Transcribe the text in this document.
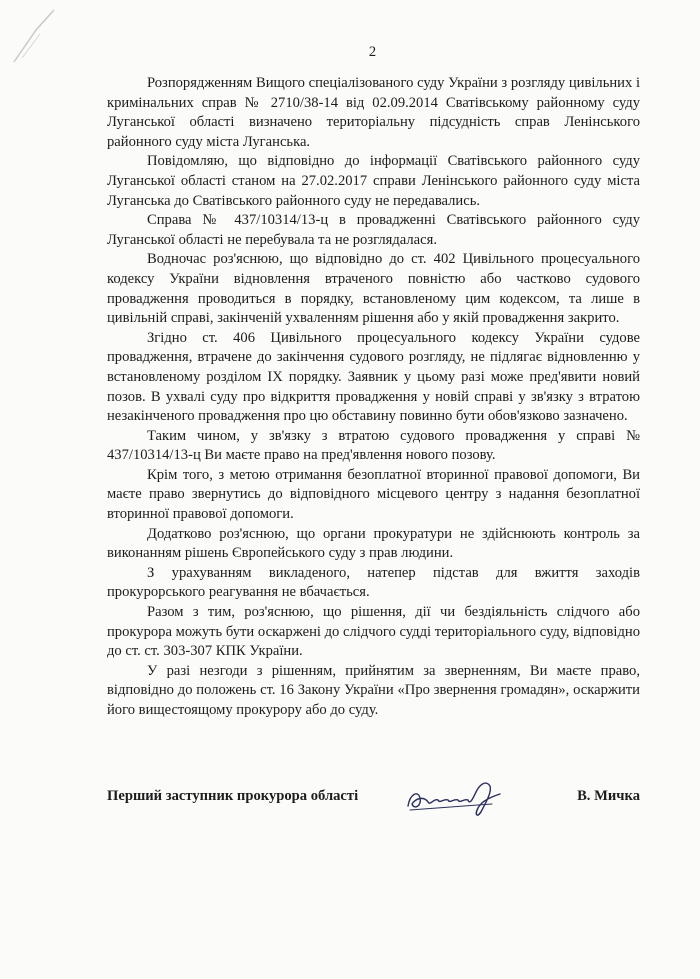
2

Розпорядженням Вищого спеціалізованого суду України з розгляду цивільних і кримінальних справ № 2710/38-14 від 02.09.2014 Сватівському районному суду Луганської області визначено територіальну підсудність справ Ленінського районного суду міста Луганська.

Повідомляю, що відповідно до інформації Сватівського районного суду Луганської області станом на 27.02.2017 справи Ленінського районного суду міста Луганська до Сватівського районного суду не передавались.

Справа № 437/10314/13-ц в провадженні Сватівського районного суду Луганської області не перебувала та не розглядалася.

Водночас роз'яснюю, що відповідно до ст. 402 Цивільного процесуального кодексу України відновлення втраченого повністю або частково судового провадження проводиться в порядку, встановленому цим кодексом, та лише в цивільній справі, закінченій ухваленням рішення або у якій провадження закрито.

Згідно ст. 406 Цивільного процесуального кодексу України судове провадження, втрачене до закінчення судового розгляду, не підлягає відновленню у встановленому розділом IX порядку. Заявник у цьому разі може пред'явити новий позов. В ухвалі суду про відкриття провадження у новій справі у зв'язку з втратою незакінченого провадження про цю обставину повинно бути обов'язково зазначено.

Таким чином, у зв'язку з втратою судового провадження у справі № 437/10314/13-ц Ви маєте право на пред'явлення нового позову.

Крім того, з метою отримання безоплатної вторинної правової допомоги, Ви маєте право звернутись до відповідного місцевого центру з надання безоплатної вторинної правової допомоги.

Додатково роз'яснюю, що органи прокуратури не здійснюють контроль за виконанням рішень Європейського суду з прав людини.

З урахуванням викладеного, натепер підстав для вжиття заходів прокурорського реагування не вбачається.

Разом з тим, роз'яснюю, що рішення, дії чи бездіяльність слідчого або прокурора можуть бути оскаржені до слідчого судді територіального суду, відповідно до ст. ст. 303-307 КПК України.

У разі незгоди з рішенням, прийнятим за зверненням, Ви маєте право, відповідно до положень ст. 16 Закону України «Про звернення громадян», оскаржити його вищестоящому прокурору або до суду.

Перший заступник прокурора області	В. Мичка
